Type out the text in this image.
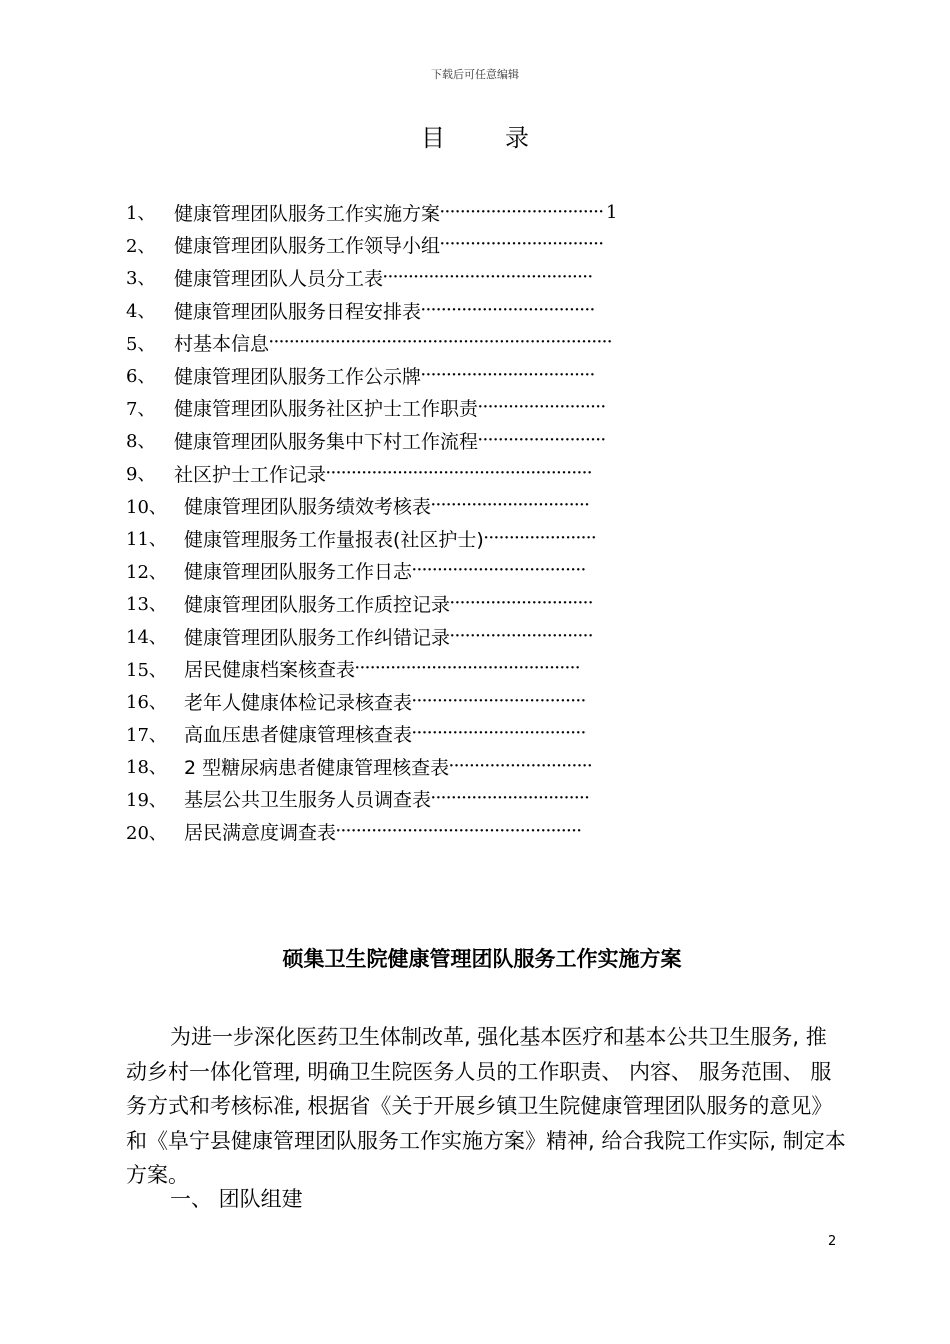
下载后可任意编辑
目录
1、 健康管理团队服务工作实施方案 ································ 1
2、 健康管理团队服务工作领导小组 ································
3、 健康管理团队人员分工表 ·········································
4、 健康管理团队服务日程安排表 ··································
5、 村基本信息 ···································································
6、 健康管理团队服务工作公示牌 ··································
7、 健康管理团队服务社区护士工作职责 ·························
8、 健康管理团队服务集中下村工作流程 ·························
9、 社区护士工作记录 ····················································
10、 健康管理团队服务绩效考核表 ·······························
11、 健康管理服务工作量报表(社区护士) ······················
12、 健康管理团队服务工作日志 ··································
13、 健康管理团队服务工作质控记录 ····························
14、 健康管理团队服务工作纠错记录 ····························
15、 居民健康档案核查表 ············································
16、 老年人健康体检记录核查表 ··································
17、 高血压患者健康管理核查表 ··································
18、 2 型糖尿病患者健康管理核查表 ····························
19、 基层公共卫生服务人员调查表 ·······························
20、 居民满意度调查表 ················································
硕集卫生院健康管理团队服务工作实施方案

为进一步深化医药卫生体制改革, 强化基本医疗和基本公共卫生服务, 推动乡村一体化管理, 明确卫生院医务人员的工作职责、 内容、 服务范围、 服务方式和考核标准, 根据省《关于开展乡镇卫生院健康管理团队服务的意见》和《阜宁县健康管理团队服务工作实施方案》精神, 给合我院工作实际, 制定本方案。

一、 团队组建
2
